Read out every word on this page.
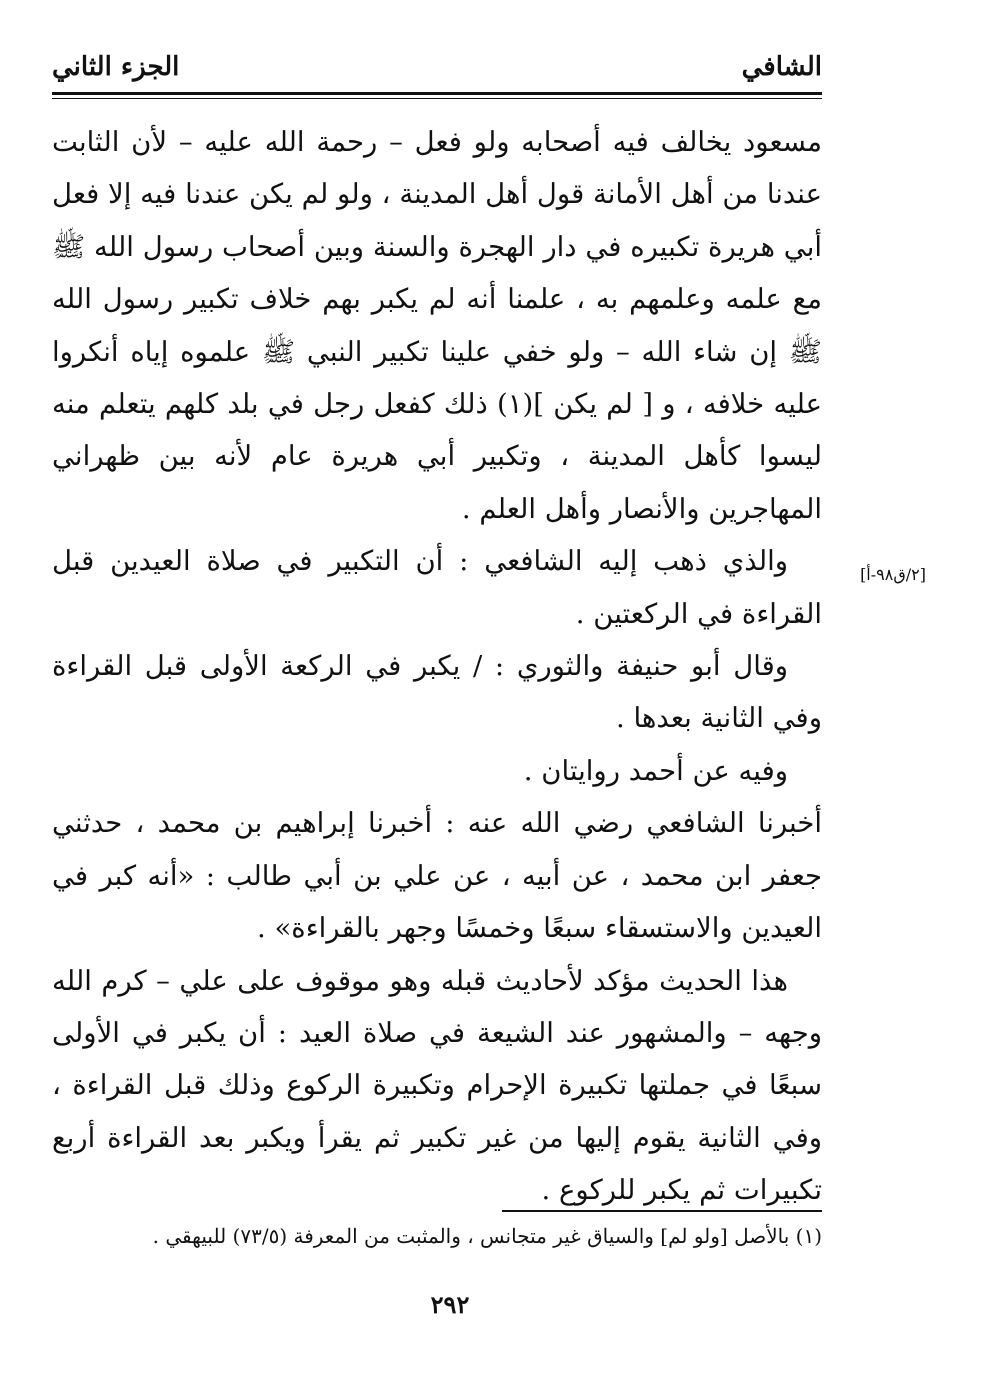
الشافي
الجزء الثاني
[٢/ق٩٨-أ]

مسعود يخالف فيه أصحابه ولو فعل – رحمة الله عليه – لأن الثابت عندنا من أهل الأمانة قول أهل المدينة ، ولو لم يكن عندنا فيه إلا فعل أبي هريرة تكبيره في دار الهجرة والسنة وبين أصحاب رسول الله ﷺ مع علمه وعلمهم به ، علمنا أنه لم يكبر بهم خلاف تكبير رسول الله ﷺ إن شاء الله – ولو خفي علينا تكبير النبي ﷺ علموه إياه أنكروا عليه خلافه ، و [ لم يكن ](١) ذلك كفعل رجل في بلد كلهم يتعلم منه ليسوا كأهل المدينة ، وتكبير أبي هريرة عام لأنه بين ظهراني المهاجرين والأنصار وأهل العلم .

والذي ذهب إليه الشافعي : أن التكبير في صلاة العيدين قبل القراءة في الركعتين .

وقال أبو حنيفة والثوري : / يكبر في الركعة الأولى قبل القراءة وفي الثانية بعدها .

وفيه عن أحمد روايتان .

أخبرنا الشافعي رضي الله عنه : أخبرنا إبراهيم بن محمد ، حدثني جعفر ابن محمد ، عن أبيه ، عن علي بن أبي طالب : «أنه كبر في العيدين والاستسقاء سبعًا وخمسًا وجهر بالقراءة» .

هذا الحديث مؤكد لأحاديث قبله وهو موقوف على علي – كرم الله وجهه – والمشهور عند الشيعة في صلاة العيد : أن يكبر في الأولى سبعًا في جملتها تكبيرة الإحرام وتكبيرة الركوع وذلك قبل القراءة ، وفي الثانية يقوم إليها من غير تكبير ثم يقرأ ويكبر بعد القراءة أربع تكبيرات ثم يكبر للركوع .

(١) بالأصل [ولو لم] والسياق غير متجانس ، والمثبت من المعرفة (٧٣/٥) للبيهقي .
٢٩٢
